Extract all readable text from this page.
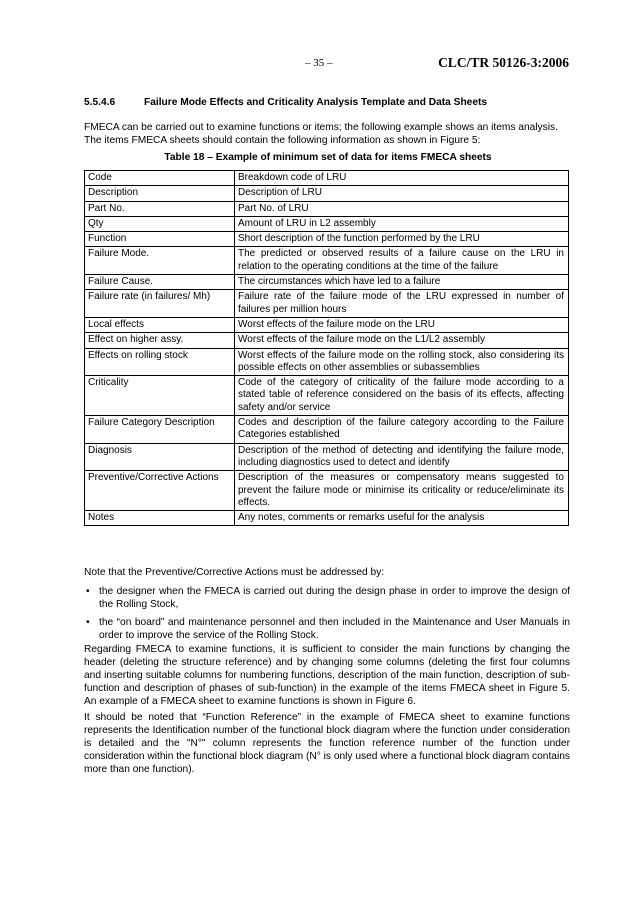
– 35 –	CLC/TR 50126-3:2006
5.5.4.6	Failure Mode Effects and Criticality Analysis Template and Data Sheets
FMECA can be carried out to examine functions or items; the following example shows an items analysis. The items FMECA sheets should contain the following information as shown in Figure 5:
Table 18 – Example of minimum set of data for items FMECA sheets
Code	Breakdown code of LRU
Description	Description of LRU
Part No.	Part No. of LRU
Qty	Amount of LRU in L2 assembly
Function	Short description of the function performed by the LRU
Failure Mode.	The predicted or observed results of a failure cause on the LRU in relation to the operating conditions at the time of the failure
Failure Cause.	The circumstances which have led to a failure
Failure rate (in failures/ Mh)	Failure rate of the failure mode of the LRU expressed in number of failures per million hours
Local effects	Worst effects of the failure mode on the LRU
Effect on higher assy.	Worst effects of the failure mode on the L1/L2 assembly
Effects on rolling stock	Worst effects of the failure mode on the rolling stock, also considering its possible effects on other assemblies or subassemblies
Criticality	Code of the category of criticality of the failure mode according to a stated table of reference considered on the basis of its effects, affecting safety and/or service
Failure Category Description	Codes and description of the failure category according to the Failure Categories established
Diagnosis	Description of the method of detecting and identifying the failure mode, including diagnostics used to detect and identify
Preventive/Corrective Actions	Description of the measures or compensatory means suggested to prevent the failure mode or minimise its criticality or reduce/eliminate its effects.
Notes	Any notes, comments or remarks useful for the analysis
Note that the Preventive/Corrective Actions must be addressed by:
• the designer when the FMECA is carried out during the design phase in order to improve the design of the Rolling Stock,
• the “on board” and maintenance personnel and then included in the Maintenance and User Manuals in order to improve the service of the Rolling Stock.
Regarding FMECA to examine functions, it is sufficient to consider the main functions by changing the header (deleting the structure reference) and by changing some columns (deleting the first four columns and inserting suitable columns for numbering functions, description of the main function, description of sub-function and description of phases of sub-function) in the example of the items FMECA sheet in Figure 5. An example of a FMECA sheet to examine functions is shown in Figure 6.
It should be noted that “Function Reference” in the example of FMECA sheet to examine functions represents the Identification number of the functional block diagram where the function under consideration is detailed and the "N°" column represents the function reference number of the function under consideration within the functional block diagram (N° is only used where a functional block diagram contains more than one function).
